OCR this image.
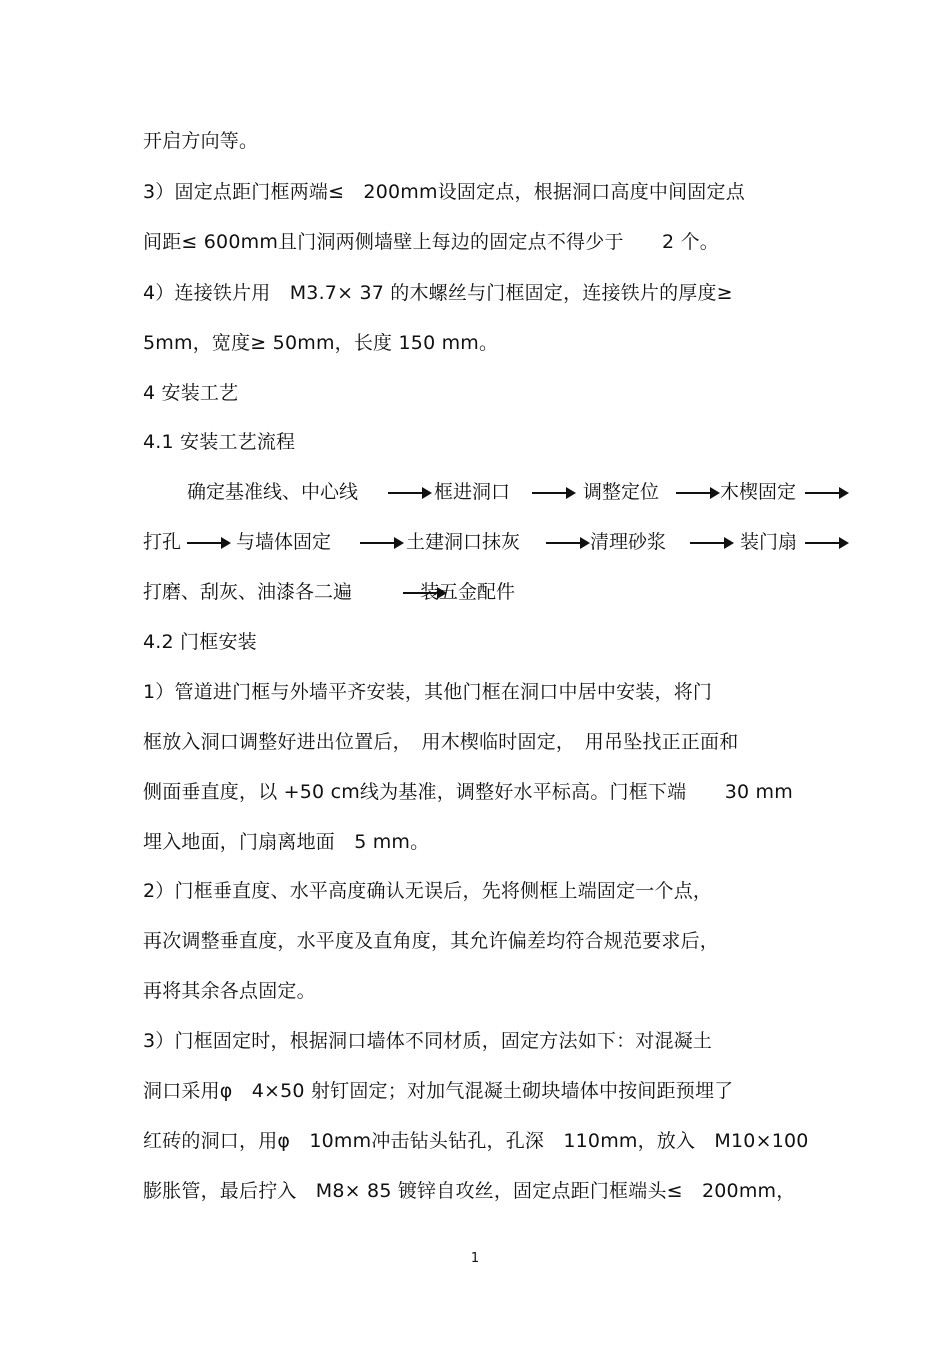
开启方向等。
3）固定点距门框两端≤　200mm设固定点，根据洞口高度中间固定点
间距≤ 600mm且门洞两侧墙壁上每边的固定点不得少于　　2 个。
4）连接铁片用　M3.7× 37 的木螺丝与门框固定，连接铁片的厚度≥
5mm，宽度≥ 50mm，长度 150 mm。
4 安装工艺
4.1 安装工艺流程
确定基准线、中心线	框进洞口	调整定位	木楔固定
打孔	与墙体固定	土建洞口抹灰	清理砂浆	装门扇
打磨、刮灰、油漆各二遍	装五金配件
4.2 门框安装
1）管道进门框与外墙平齐安装，其他门框在洞口中居中安装，将门
框放入洞口调整好进出位置后，　用木楔临时固定，　用吊坠找正正面和
侧面垂直度，以 +50 cm线为基准，调整好水平标高。门框下端　　30 mm
埋入地面，门扇离地面　5 mm。
2）门框垂直度、水平高度确认无误后，先将侧框上端固定一个点，
再次调整垂直度，水平度及直角度，其允许偏差均符合规范要求后，
再将其余各点固定。
3）门框固定时，根据洞口墙体不同材质，固定方法如下：对混凝土
洞口采用φ　4×50 射钉固定；对加气混凝土砌块墙体中按间距预埋了
红砖的洞口，用φ　10mm冲击钻头钻孔，孔深　110mm，放入　M10×100
膨胀管，最后拧入　M8× 85 镀锌自攻丝，固定点距门框端头≤　200mm，
1
